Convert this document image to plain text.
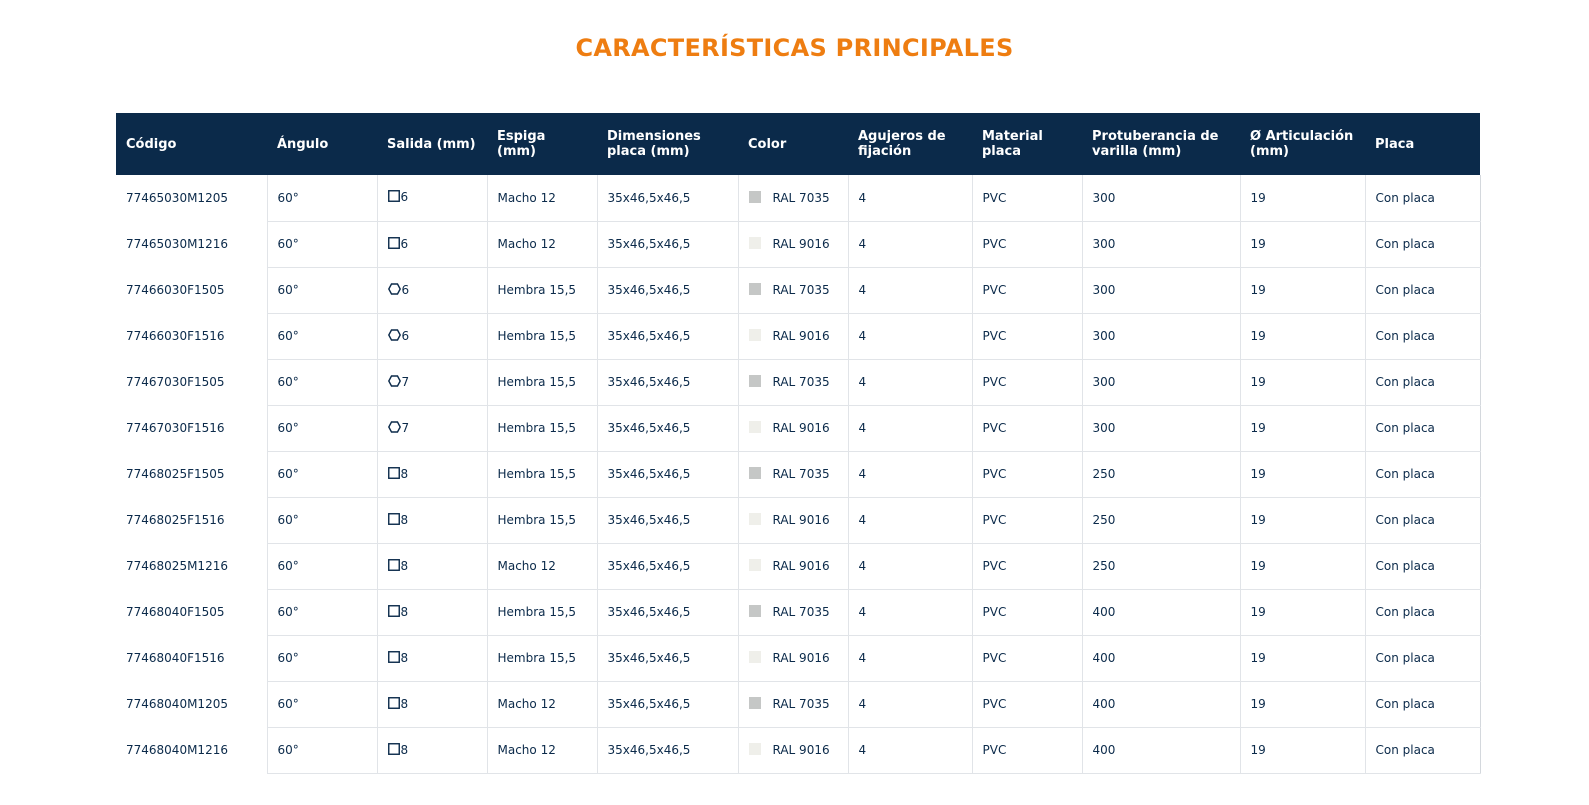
CARACTERÍSTICAS PRINCIPALES
Código	Ángulo	Salida (mm)	Espiga (mm)	Dimensiones placa (mm)	Color	Agujeros de fijación	Material placa	Protuberancia de varilla (mm)	Ø Articulación (mm)	Placa
77465030M1205	60°	6	Macho 12	35x46,5x46,5	RAL 7035	4	PVC	300	19	Con placa
77465030M1216	60°	6	Macho 12	35x46,5x46,5	RAL 9016	4	PVC	300	19	Con placa
77466030F1505	60°	6	Hembra 15,5	35x46,5x46,5	RAL 7035	4	PVC	300	19	Con placa
77466030F1516	60°	6	Hembra 15,5	35x46,5x46,5	RAL 9016	4	PVC	300	19	Con placa
77467030F1505	60°	7	Hembra 15,5	35x46,5x46,5	RAL 7035	4	PVC	300	19	Con placa
77467030F1516	60°	7	Hembra 15,5	35x46,5x46,5	RAL 9016	4	PVC	300	19	Con placa
77468025F1505	60°	8	Hembra 15,5	35x46,5x46,5	RAL 7035	4	PVC	250	19	Con placa
77468025F1516	60°	8	Hembra 15,5	35x46,5x46,5	RAL 9016	4	PVC	250	19	Con placa
77468025M1216	60°	8	Macho 12	35x46,5x46,5	RAL 9016	4	PVC	250	19	Con placa
77468040F1505	60°	8	Hembra 15,5	35x46,5x46,5	RAL 7035	4	PVC	400	19	Con placa
77468040F1516	60°	8	Hembra 15,5	35x46,5x46,5	RAL 9016	4	PVC	400	19	Con placa
77468040M1205	60°	8	Macho 12	35x46,5x46,5	RAL 7035	4	PVC	400	19	Con placa
77468040M1216	60°	8	Macho 12	35x46,5x46,5	RAL 9016	4	PVC	400	19	Con placa
